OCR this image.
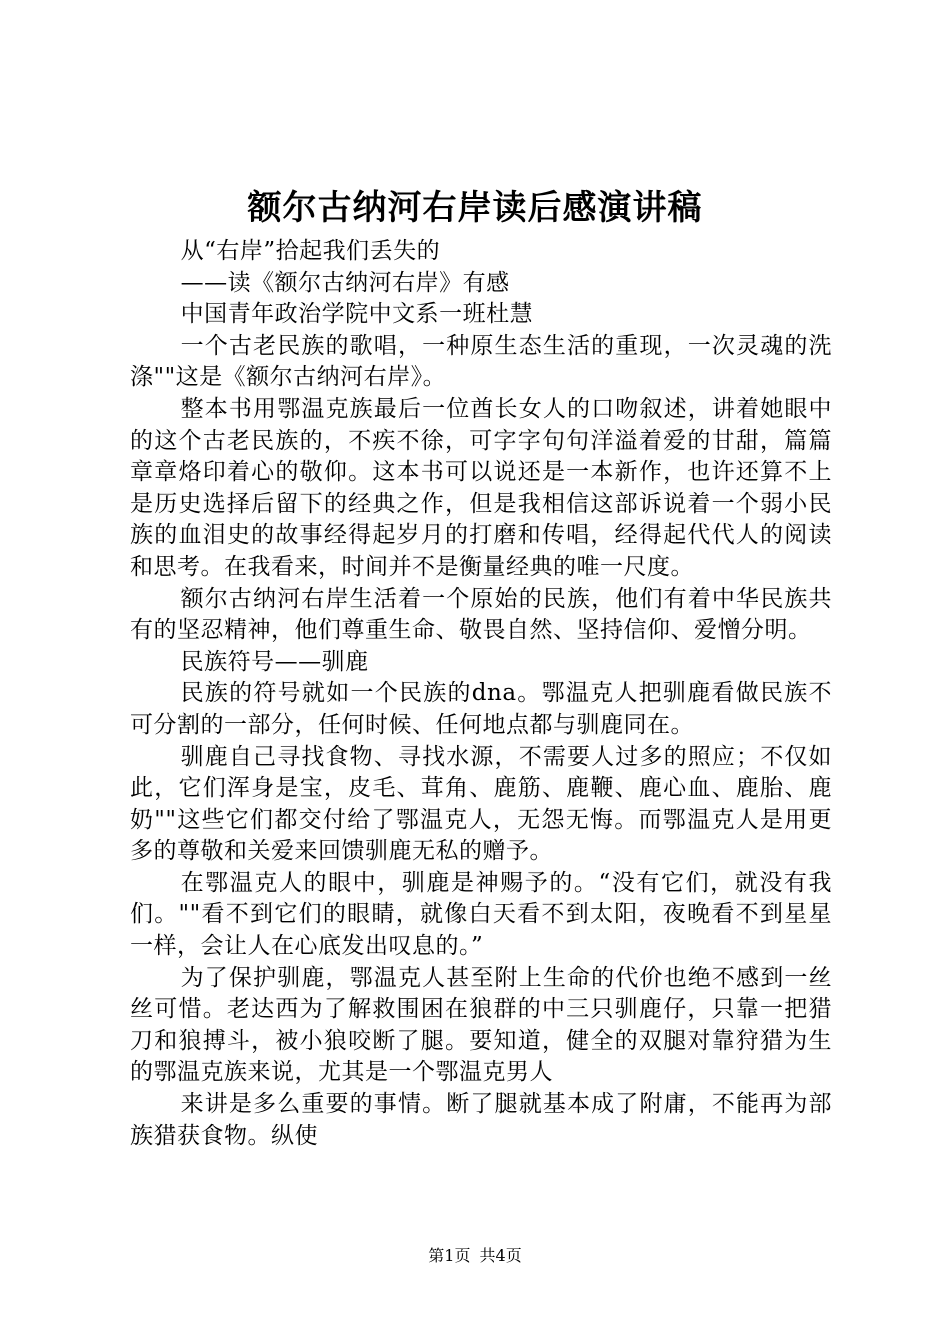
额尔古纳河右岸读后感演讲稿

从“右岸”拾起我们丢失的

——读《额尔古纳河右岸》有感

中国青年政治学院中文系一班杜慧

一个古老民族的歌唱，一种原生态生活的重现，一次灵魂的洗涤""这是《额尔古纳河右岸》。

整本书用鄂温克族最后一位酋长女人的口吻叙述，讲着她眼中的这个古老民族的，不疾不徐，可字字句句洋溢着爱的甘甜，篇篇章章烙印着心的敬仰。这本书可以说还是一本新作，也许还算不上是历史选择后留下的经典之作，但是我相信这部诉说着一个弱小民族的血泪史的故事经得起岁月的打磨和传唱，经得起代代人的阅读和思考。在我看来，时间并不是衡量经典的唯一尺度。

额尔古纳河右岸生活着一个原始的民族，他们有着中华民族共有的坚忍精神，他们尊重生命、敬畏自然、坚持信仰、爱憎分明。

民族符号——驯鹿

民族的符号就如一个民族的dna。鄂温克人把驯鹿看做民族不可分割的一部分，任何时候、任何地点都与驯鹿同在。

驯鹿自己寻找食物、寻找水源，不需要人过多的照应；不仅如此，它们浑身是宝，皮毛、茸角、鹿筋、鹿鞭、鹿心血、鹿胎、鹿奶""这些它们都交付给了鄂温克人，无怨无悔。而鄂温克人是用更多的尊敬和关爱来回馈驯鹿无私的赠予。

在鄂温克人的眼中，驯鹿是神赐予的。“没有它们，就没有我们。""看不到它们的眼睛，就像白天看不到太阳，夜晚看不到星星一样，会让人在心底发出叹息的。”

为了保护驯鹿，鄂温克人甚至附上生命的代价也绝不感到一丝丝可惜。老达西为了解救围困在狼群的中三只驯鹿仔，只靠一把猎刀和狼搏斗，被小狼咬断了腿。要知道，健全的双腿对靠狩猎为生的鄂温克族来说，尤其是一个鄂温克男人

来讲是多么重要的事情。断了腿就基本成了附庸，不能再为部族猎获食物。纵使

第1页 共4页
